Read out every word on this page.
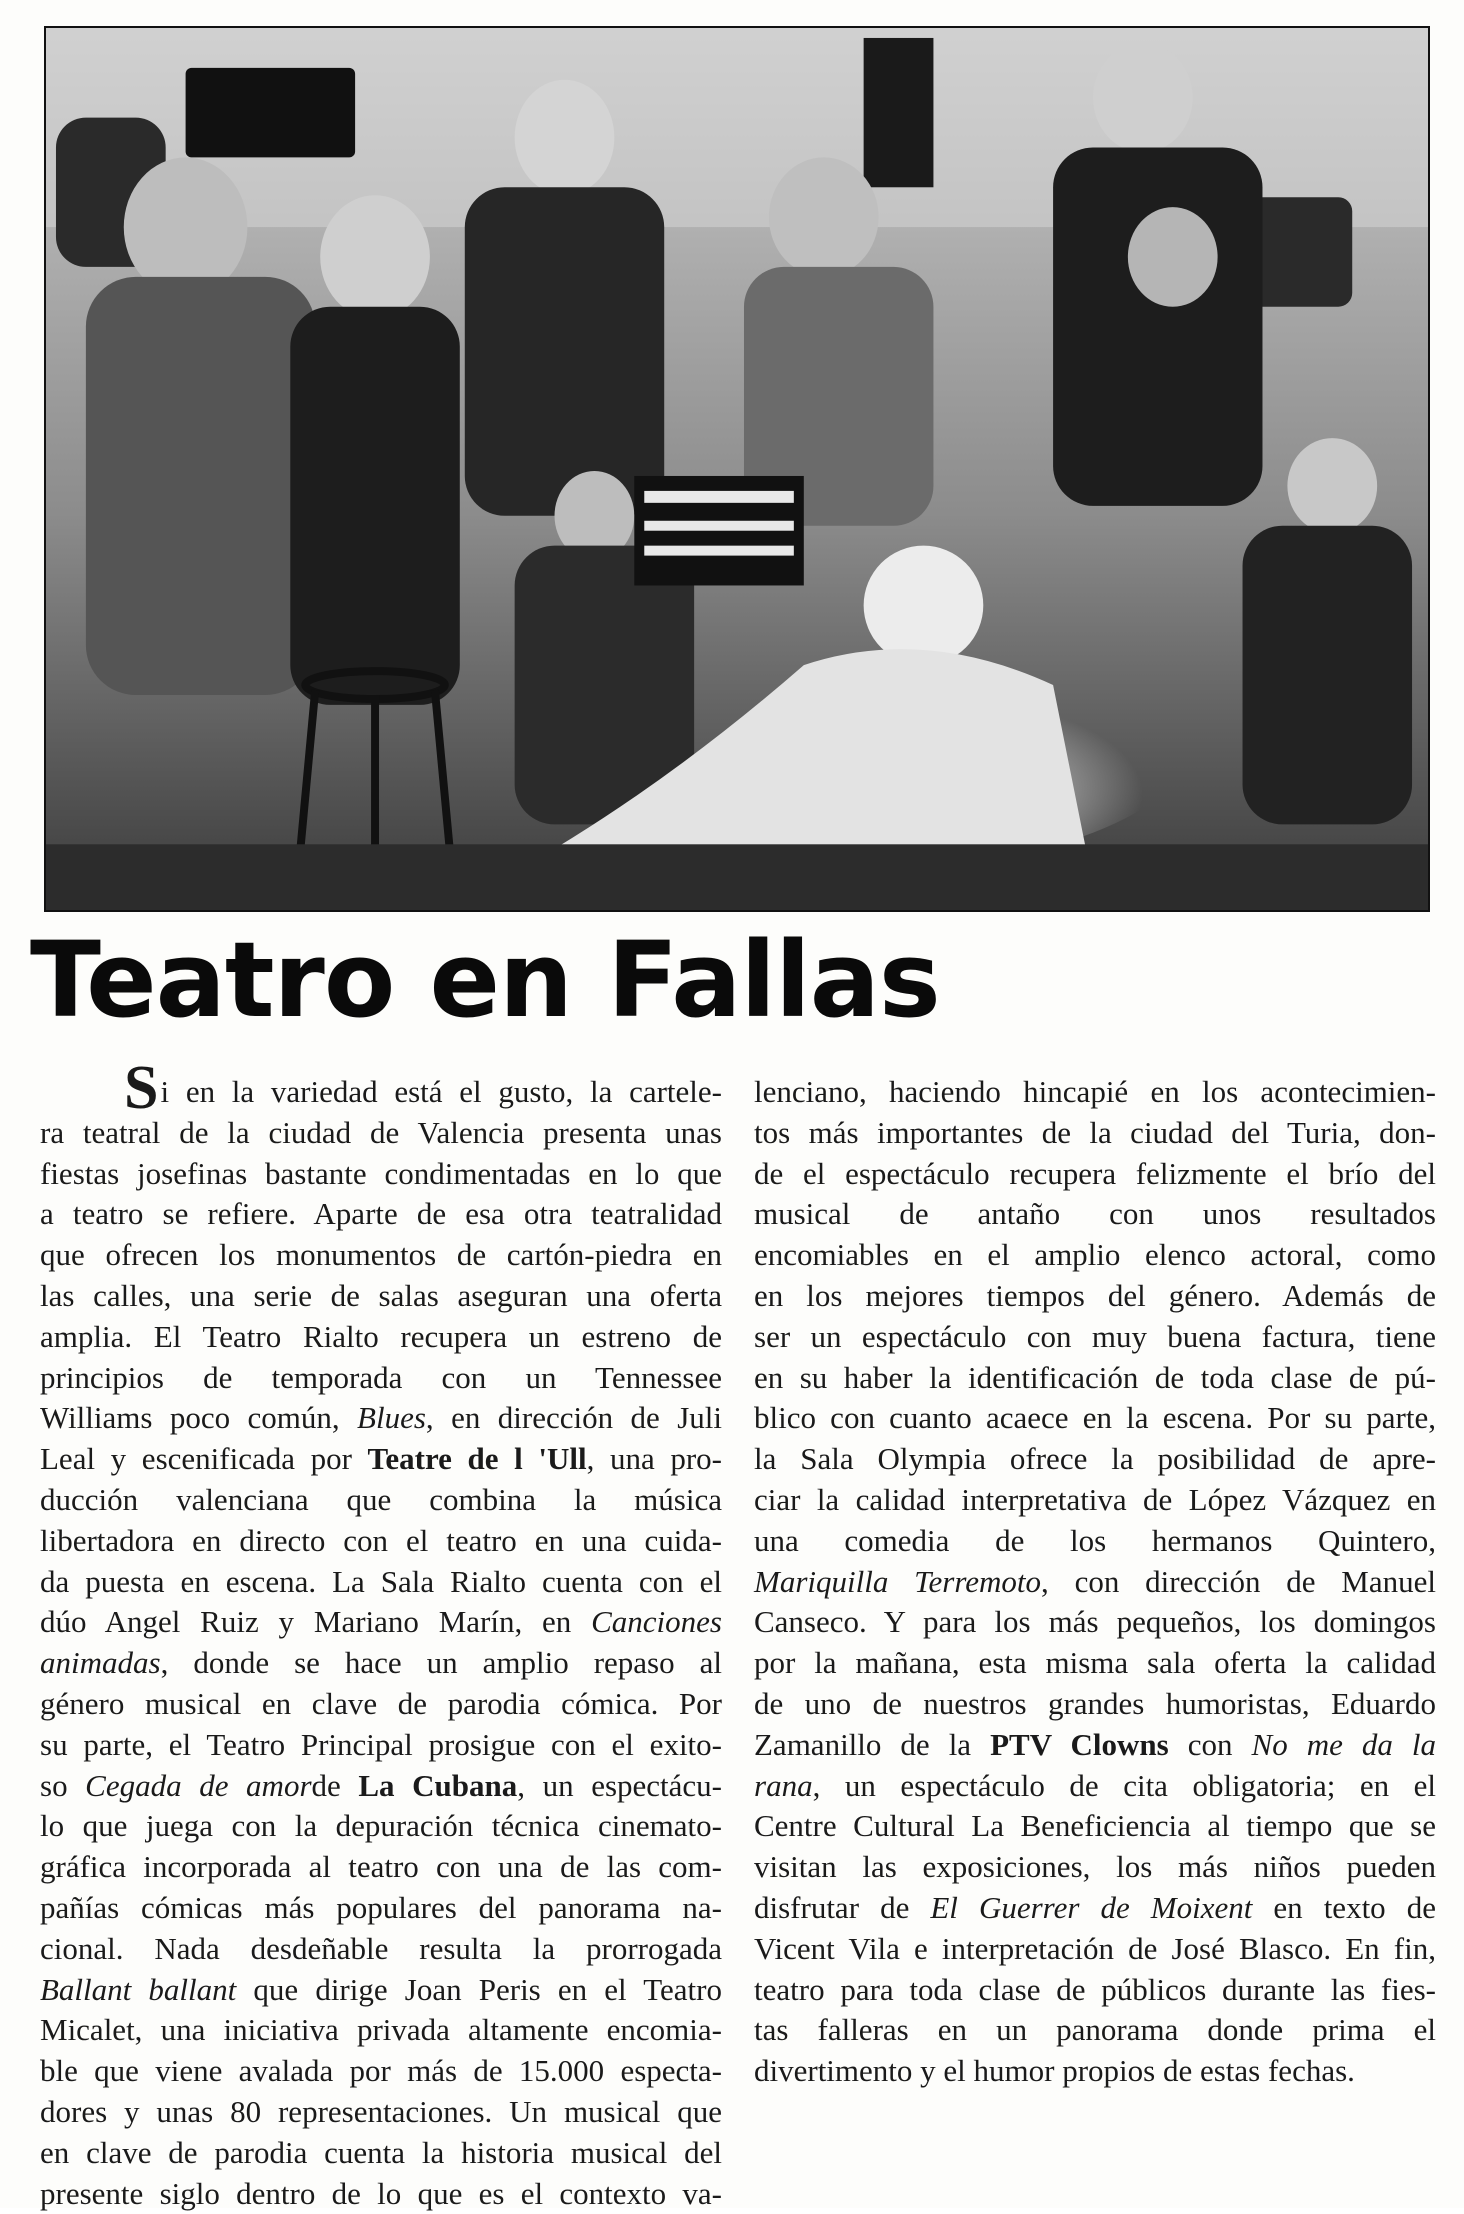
Teatro en Fallas
Si en la variedad está el gusto, la cartele-
ra teatral de la ciudad de Valencia presenta unas
fiestas josefinas bastante condimentadas en lo que
a teatro se refiere. Aparte de esa otra teatralidad
que ofrecen los monumentos de cartón-piedra en
las calles, una serie de salas aseguran una oferta
amplia. El Teatro Rialto recupera un estreno de
principios de temporada con un Tennessee
Williams poco común, Blues, en dirección de Juli
Leal y escenificada por Teatre de l 'Ull, una pro-
ducción valenciana que combina la música
libertadora en directo con el teatro en una cuida-
da puesta en escena. La Sala Rialto cuenta con el
dúo Angel Ruiz y Mariano Marín, en Canciones
animadas, donde se hace un amplio repaso al
género musical en clave de parodia cómica. Por
su parte, el Teatro Principal prosigue con el exito-
so Cegada de amorde La Cubana, un espectácu-
lo que juega con la depuración técnica cinemato-
gráfica incorporada al teatro con una de las com-
pañías cómicas más populares del panorama na-
cional. Nada desdeñable resulta la prorrogada
Ballant ballant que dirige Joan Peris en el Teatro
Micalet, una iniciativa privada altamente encomia-
ble que viene avalada por más de 15.000 especta-
dores y unas 80 representaciones. Un musical que
en clave de parodia cuenta la historia musical del
presente siglo dentro de lo que es el contexto va-
lenciano, haciendo hincapié en los acontecimien-
tos más importantes de la ciudad del Turia, don-
de el espectáculo recupera felizmente el brío del
musical de antaño con unos resultados
encomiables en el amplio elenco actoral, como
en los mejores tiempos del género. Además de
ser un espectáculo con muy buena factura, tiene
en su haber la identificación de toda clase de pú-
blico con cuanto acaece en la escena. Por su parte,
la Sala Olympia ofrece la posibilidad de apre-
ciar la calidad interpretativa de López Vázquez en
una comedia de los hermanos Quintero,
Mariquilla Terremoto, con dirección de Manuel
Canseco. Y para los más pequeños, los domingos
por la mañana, esta misma sala oferta la calidad
de uno de nuestros grandes humoristas, Eduardo
Zamanillo de la PTV Clowns con No me da la
rana, un espectáculo de cita obligatoria; en el
Centre Cultural La Beneficiencia al tiempo que se
visitan las exposiciones, los más niños pueden
disfrutar de El Guerrer de Moixent en texto de
Vicent Vila e interpretación de José Blasco. En fin,
teatro para toda clase de públicos durante las fies-
tas falleras en un panorama donde prima el
divertimento y el humor propios de estas fechas.
